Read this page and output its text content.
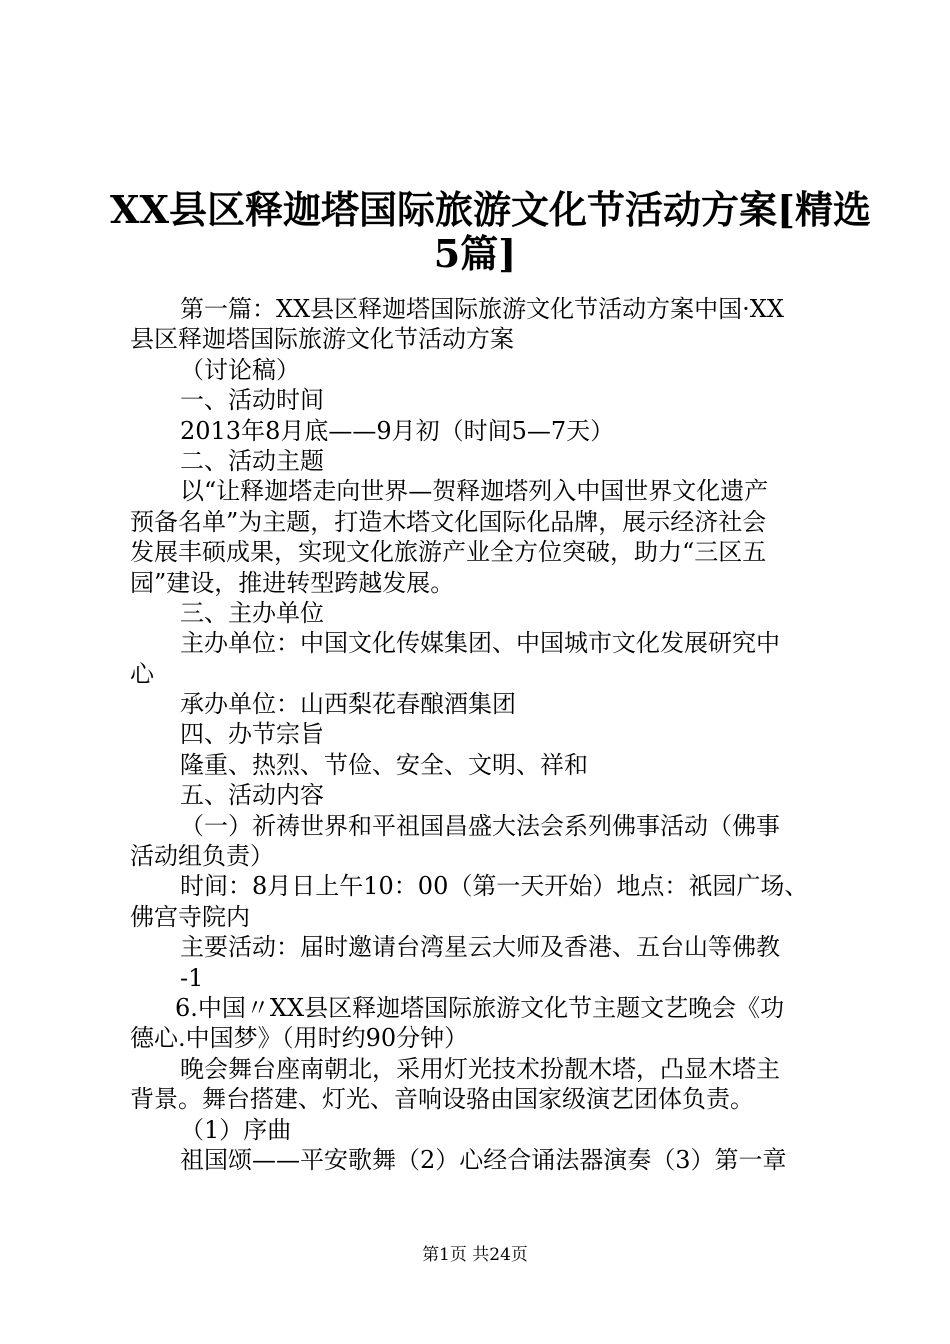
XX县区释迦塔国际旅游文化节活动方案[精选
5篇]
第一篇：XX县区释迦塔国际旅游文化节活动方案中国·XX
县区释迦塔国际旅游文化节活动方案
（讨论稿）
一、活动时间
2013年8月底——9月初（时间5—7天）
二、活动主题
以“让释迦塔走向世界—贺释迦塔列入中国世界文化遗产
预备名单”为主题，打造木塔文化国际化品牌，展示经济社会
发展丰硕成果，实现文化旅游产业全方位突破，助力“三区五
园”建设，推进转型跨越发展。
三、主办单位
主办单位：中国文化传媒集团、中国城市文化发展研究中
心
承办单位：山西梨花春酿酒集团
四、办节宗旨
隆重、热烈、节俭、安全、文明、祥和
五、活动内容
（一）祈祷世界和平祖国昌盛大法会系列佛事活动（佛事
活动组负责）
时间：8月日上午10：00（第一天开始）地点：祇园广场、
佛宫寺院内
主要活动：届时邀请台湾星云大师及香港、五台山等佛教
-1
6.中国〃XX县区释迦塔国际旅游文化节主题文艺晚会《功
德心.中国梦》（用时约90分钟）
晚会舞台座南朝北，采用灯光技术扮靓木塔，凸显木塔主
背景。舞台搭建、灯光、音响设骆由国家级演艺团体负责。
（1）序曲
祖国颂——平安歌舞（2）心经合诵法器演奏（3）第一章
第1页 共24页
